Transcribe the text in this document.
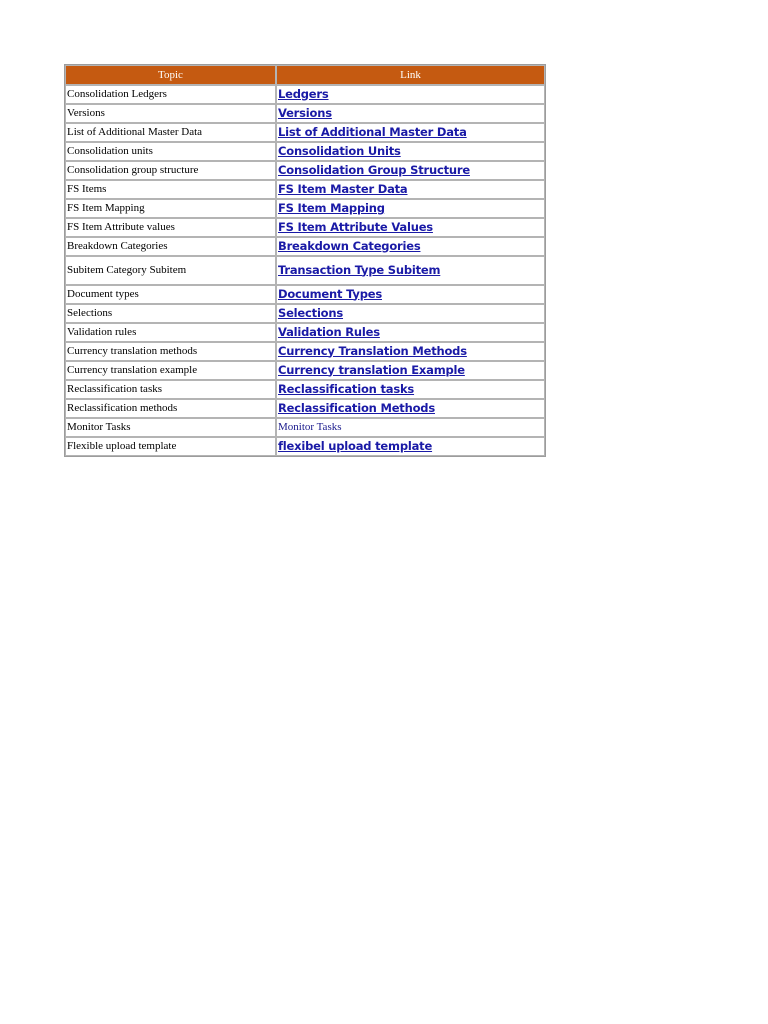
Topic	Link
Consolidation Ledgers	Ledgers
Versions	Versions
List of Additional Master Data	List of Additional Master Data
Consolidation units	Consolidation Units
Consolidation group structure	Consolidation Group Structure
FS Items	FS Item Master Data
FS Item Mapping	FS Item Mapping
FS Item Attribute values	FS Item Attribute Values
Breakdown Categories	Breakdown Categories
Subitem Category Subitem	Transaction Type Subitem
Document types	Document Types
Selections	Selections
Validation rules	Validation Rules
Currency translation methods	Currency Translation Methods
Currency translation example	Currency translation Example
Reclassification tasks	Reclassification tasks
Reclassification methods	Reclassification Methods
Monitor Tasks	Monitor Tasks
Flexible upload template	flexibel upload template
